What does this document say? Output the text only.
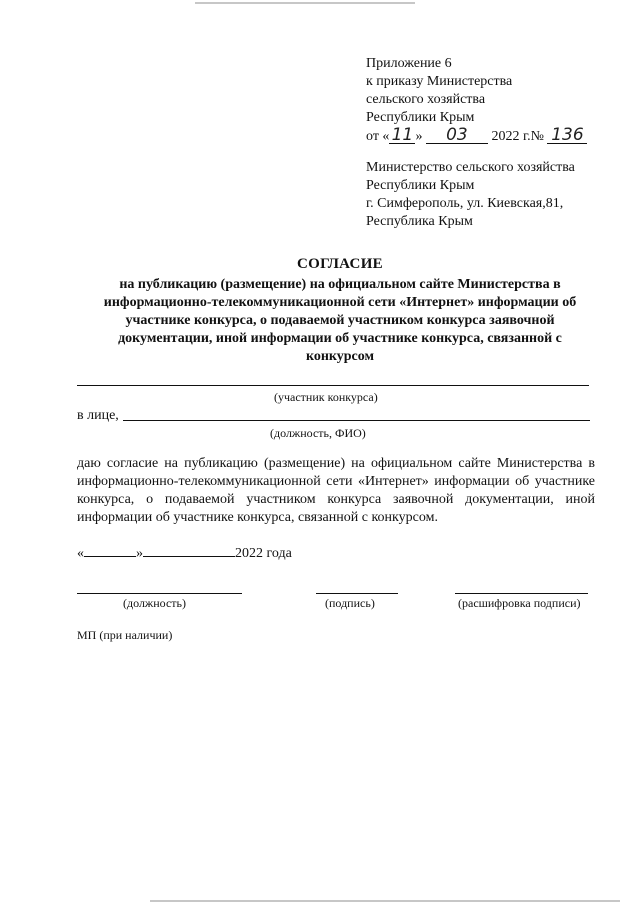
Приложение 6
к приказу Министерства
сельского хозяйства
Республики Крым
от « 11 » 03 2022 г.№ 136
Министерство сельского хозяйства
Республики Крым
г. Симферополь, ул. Киевская,81,
Республика Крым
СОГЛАСИЕ
на публикацию (размещение) на официальном сайте Министерства в
информационно-телекоммуникационной сети «Интернет» информации об
участнике конкурса, о подаваемой участником конкурса заявочной
документации, иной информации об участнике конкурса, связанной с
конкурсом
(участник конкурса)
в лице,
(должность, ФИО)
даю согласие на публикацию (размещение) на официальном сайте Министерства в информационно-телекоммуникационной сети «Интернет» информации об участнике конкурса, о подаваемой участником конкурса заявочной документации, иной информации об участнике конкурса, связанной с конкурсом.
«	»	2022 года
(должность)	(подпись)	(расшифровка подписи)
МП (при наличии)
